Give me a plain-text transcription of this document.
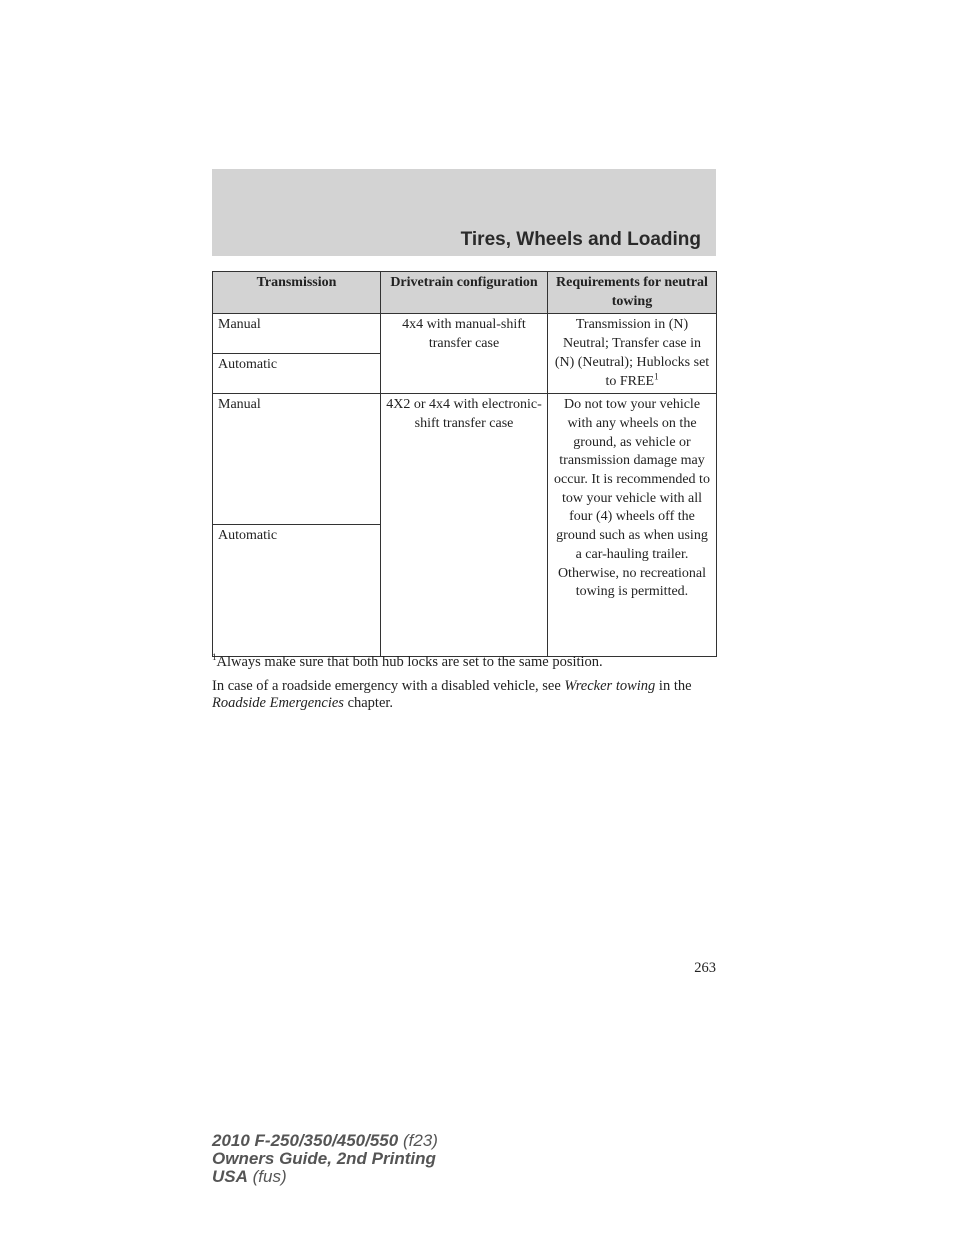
Tires, Wheels and Loading
Transmission	Drivetrain configuration	Requirements for neutral towing
Manual	4x4 with manual-shift transfer case	Transmission in (N) Neutral; Transfer case in (N) (Neutral); Hublocks set to FREE$^1$
Automatic		
Manual	4X2 or 4x4 with electronic-shift transfer case	Do not tow your vehicle with any wheels on the ground, as vehicle or transmission damage may occur. It is recommended to tow your vehicle with all four (4) wheels off the ground such as when using a car-hauling trailer. Otherwise, no recreational towing is permitted.
Automatic		
$^1$Always make sure that both hub locks are set to the same position.
In case of a roadside emergency with a disabled vehicle, see Wrecker towing in the Roadside Emergencies chapter.
263
2010 F-250/350/450/550 (f23)
Owners Guide, 2nd Printing
USA (fus)
